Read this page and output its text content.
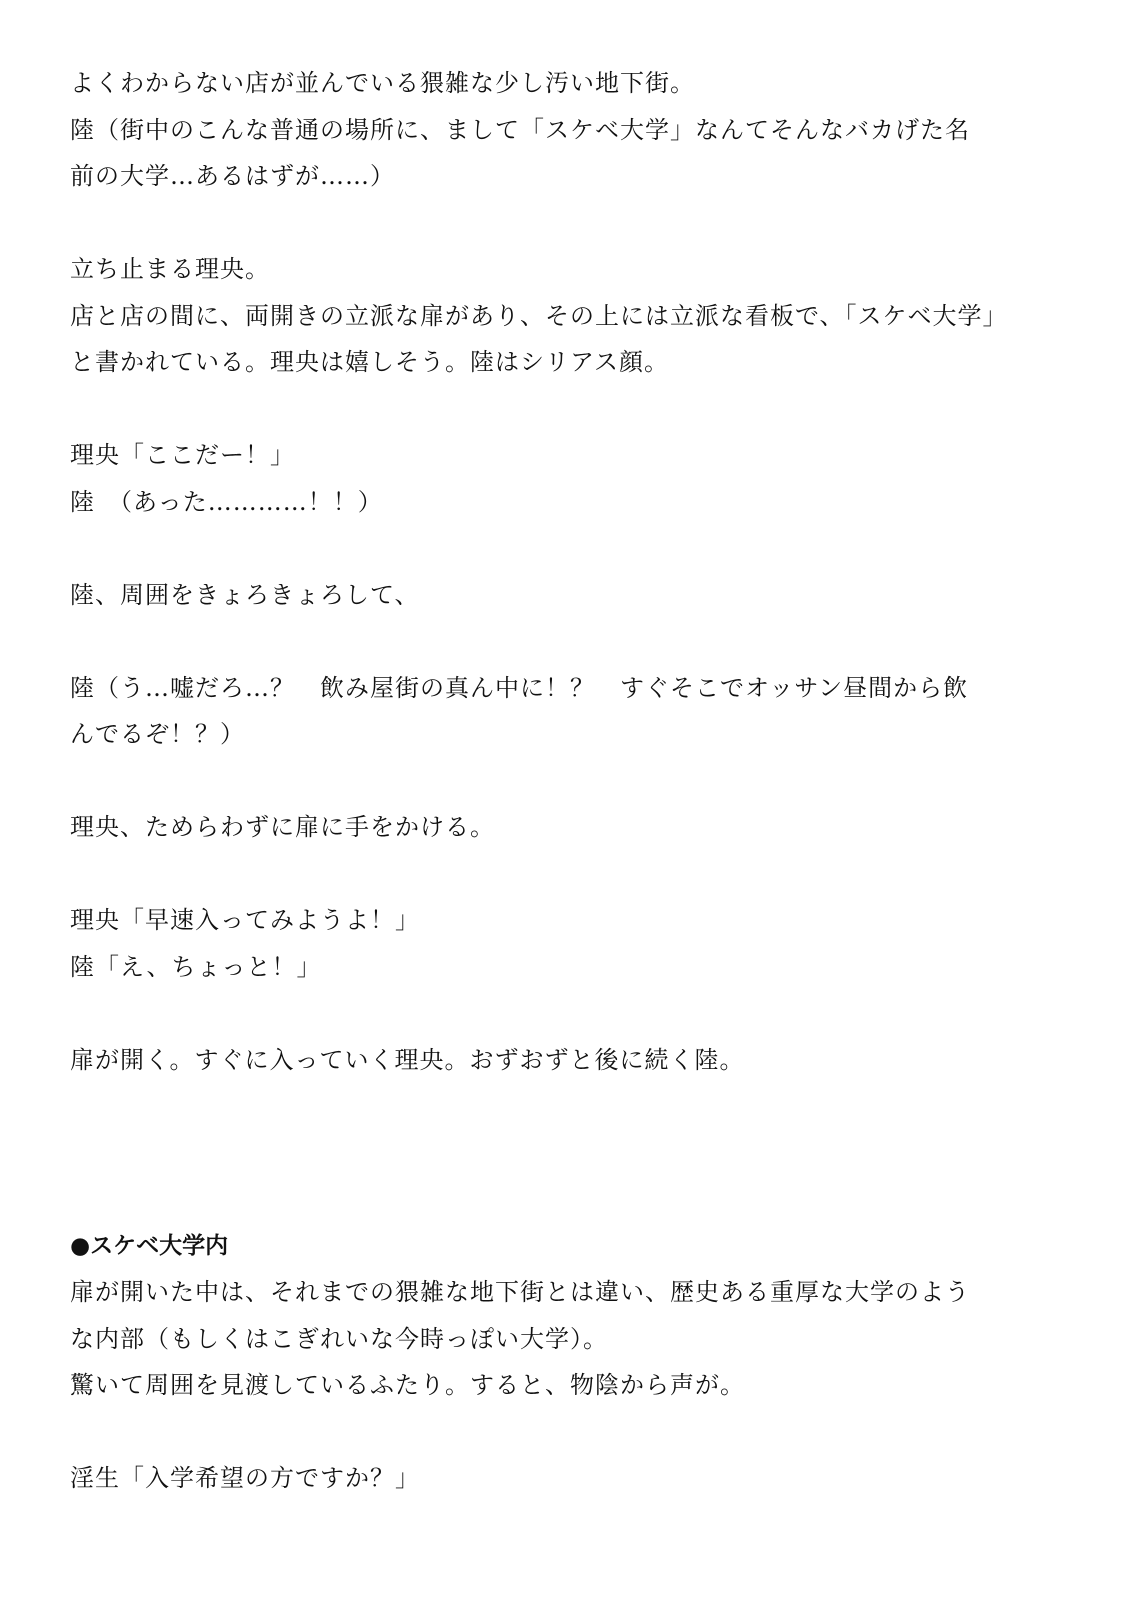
よくわからない店が並んでいる猥雑な少し汚い地下街。
陸（街中のこんな普通の場所に、まして「スケベ大学」なんてそんなバカげた名
前の大学…あるはずが……）
立ち止まる理央。
店と店の間に、両開きの立派な扉があり、その上には立派な看板で、「スケベ大学」
と書かれている。理央は嬉しそう。陸はシリアス顔。
理央「ここだー！」
陸　（あった…………！！）
陸、周囲をきょろきょろして、
陸（う…嘘だろ…？　飲み屋街の真ん中に！？　すぐそこでオッサン昼間から飲
んでるぞ！？）
理央、ためらわずに扉に手をかける。
理央「早速入ってみようよ！」
陸「え、ちょっと！」
扉が開く。すぐに入っていく理央。おずおずと後に続く陸。
●スケベ大学内
扉が開いた中は、それまでの猥雑な地下街とは違い、歴史ある重厚な大学のよう
な内部（もしくはこぎれいな今時っぽい大学）。
驚いて周囲を見渡しているふたり。すると、物陰から声が。
淫生「入学希望の方ですか？」
